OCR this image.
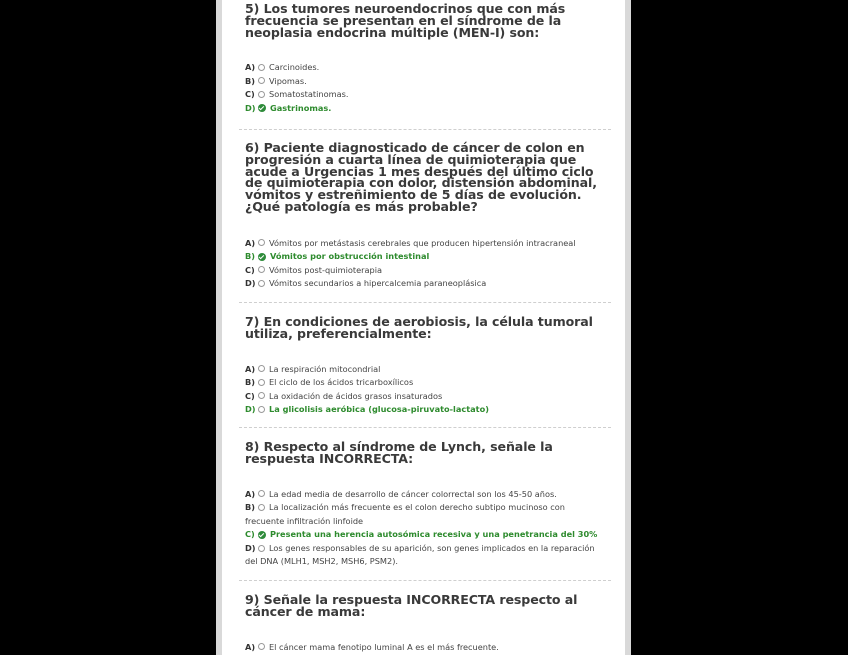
5) Los tumores neuroendocrinos que con más frecuencia se presentan en el síndrome de la neoplasia endocrina múltiple (MEN-I) son:

A)	Carcinoides.
B)	Vipomas.
C)	Somatostatinomas.
D) Gastrinomas.

6) Paciente diagnosticado de cáncer de colon en progresión a cuarta línea de quimioterapia que acude a Urgencias 1 mes después del último ciclo de quimioterapia con dolor, distensión abdominal, vómitos y estreñimiento de 5 días de evolución. ¿Qué patología es más probable?

A)	Vómitos por metástasis cerebrales que producen hipertensión intracraneal
B)	Vómitos por obstrucción intestinal
C)	Vómitos post-quimioterapia
D) Vómitos secundarios a hipercalcemia paraneoplásica

7) En condiciones de aerobiosis, la célula tumoral utiliza, preferencialmente:

A)	La respiración mitocondrial
B)	El ciclo de los ácidos tricarboxílicos
C)	La oxidación de ácidos grasos insaturados
D) La glicolisis aeróbica (glucosa-piruvato-lactato)

8) Respecto al síndrome de Lynch, señale la respuesta INCORRECTA:

A)	La edad media de desarrollo de cáncer colorrectal son los 45-50 años.
B) La localización más frecuente es el colon derecho subtipo mucinoso con frecuente infiltración linfoide
C)	Presenta una herencia autosómica recesiva y una penetrancia del 30%
D) Los genes responsables de su aparición, son genes implicados en la reparación del DNA (MLH1, MSH2, MSH6, PSM2).

9) Señale la respuesta INCORRECTA respecto al cáncer de mama:

A)	El cáncer mama fenotipo luminal A es el más frecuente.
